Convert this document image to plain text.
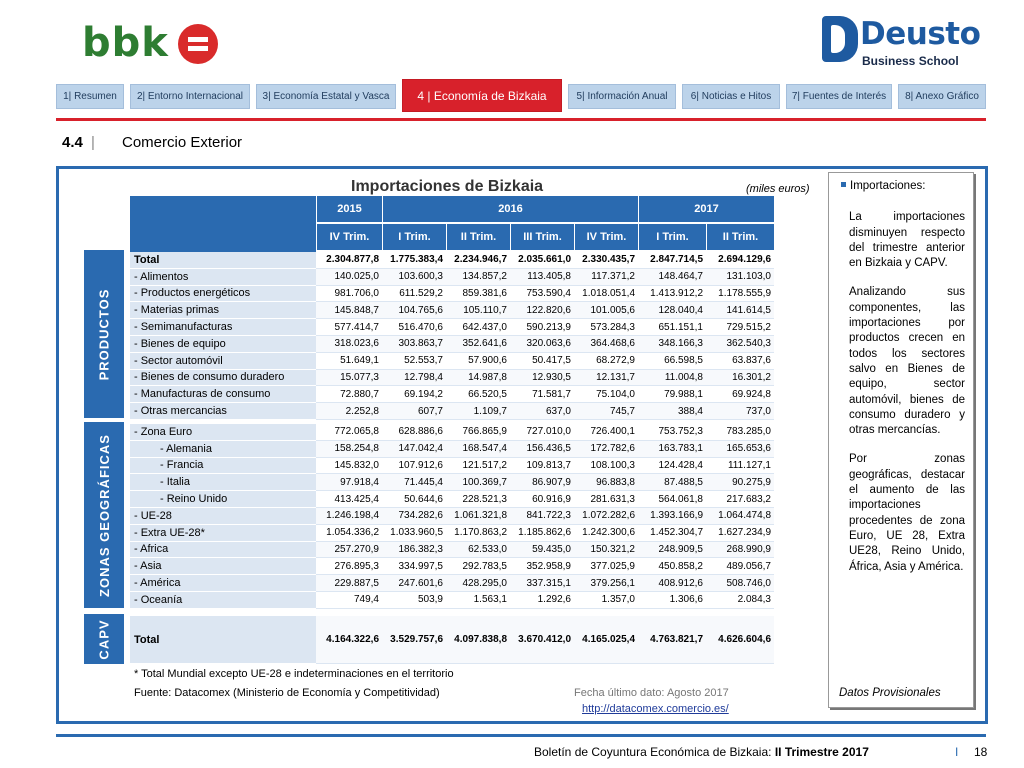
bbk	Deusto
Business School
1| Resumen	2| Entorno Internacional	3| Economía Estatal y Vasca	4 | Economía de Bizkaia	5| Información Anual	6| Noticias e Hitos	7| Fuentes de Interés	8| Anexo Gráfico
4.4 | Comercio Exterior
Importaciones de Bizkaia	(miles euros)
2015	2016	2017
IV Trim.	I Trim.	II Trim.	III Trim.	IV Trim.	I Trim.	II Trim.
Total	2.304.877,8	1.775.383,4	2.234.946,7	2.035.661,0	2.330.435,7	2.847.714,5	2.694.129,6
- Alimentos	140.025,0	103.600,3	134.857,2	113.405,8	117.371,2	148.464,7	131.103,0
- Productos energéticos	981.706,0	611.529,2	859.381,6	753.590,4	1.018.051,4	1.413.912,2	1.178.555,9
- Materias primas	145.848,7	104.765,6	105.110,7	122.820,6	101.005,6	128.040,4	141.614,5
- Semimanufacturas	577.414,7	516.470,6	642.437,0	590.213,9	573.284,3	651.151,1	729.515,2
- Bienes de equipo	318.023,6	303.863,7	352.641,6	320.063,6	364.468,6	348.166,3	362.540,3
- Sector automóvil	51.649,1	52.553,7	57.900,6	50.417,5	68.272,9	66.598,5	63.837,6
- Bienes de consumo duradero	15.077,3	12.798,4	14.987,8	12.930,5	12.131,7	11.004,8	16.301,2
- Manufacturas de consumo	72.880,7	69.194,2	66.520,5	71.581,7	75.104,0	79.988,1	69.924,8
- Otras mercancias	2.252,8	607,7	1.109,7	637,0	745,7	388,4	737,0
- Zona Euro	772.065,8	628.886,6	766.865,9	727.010,0	726.400,1	753.752,3	783.285,0
- Alemania	158.254,8	147.042,4	168.547,4	156.436,5	172.782,6	163.783,1	165.653,6
- Francia	145.832,0	107.912,6	121.517,2	109.813,7	108.100,3	124.428,4	111.127,1
- Italia	97.918,4	71.445,4	100.369,7	86.907,9	96.883,8	87.488,5	90.275,9
- Reino Unido	413.425,4	50.644,6	228.521,3	60.916,9	281.631,3	564.061,8	217.683,2
- UE-28	1.246.198,4	734.282,6	1.061.321,8	841.722,3	1.072.282,6	1.393.166,9	1.064.474,8
- Extra UE-28*	1.054.336,2	1.033.960,5	1.170.863,2	1.185.862,6	1.242.300,6	1.452.304,7	1.627.234,9
- Africa	257.270,9	186.382,3	62.533,0	59.435,0	150.321,2	248.909,5	268.990,9
- Asia	276.895,3	334.997,5	292.783,5	352.958,9	377.025,9	450.858,2	489.056,7
- América	229.887,5	247.601,6	428.295,0	337.315,1	379.256,1	408.912,6	508.746,0
- Oceanía	749,4	503,9	1.563,1	1.292,6	1.357,0	1.306,6	2.084,3
Total	4.164.322,6	3.529.757,6	4.097.838,8	3.670.412,0	4.165.025,4	4.763.821,7	4.626.604,6
PRODUCTOS
ZONAS GEOGRÁFICAS
CAPV
* Total Mundial excepto UE-28 e indeterminaciones en el territorio
Fuente: Datacomex (Ministerio de Economía y Competitividad)	Fecha último dato: Agosto 2017
http://datacomex.comercio.es/
Importaciones:

La importaciones disminuyen respecto del trimestre anterior en Bizkaia y CAPV.

Analizando sus componentes, las importaciones por productos crecen en todos los sectores salvo en Bienes de equipo, sector automóvil, bienes de consumo duradero y otras mercancías.

Por zonas geográficas, destacar el aumento de las importaciones procedentes de zona Euro, UE 28, Extra UE28, Reino Unido, África, Asia y América.

Datos Provisionales
Boletín de Coyuntura Económica de Bizkaia: II Trimestre 2017	I 18
